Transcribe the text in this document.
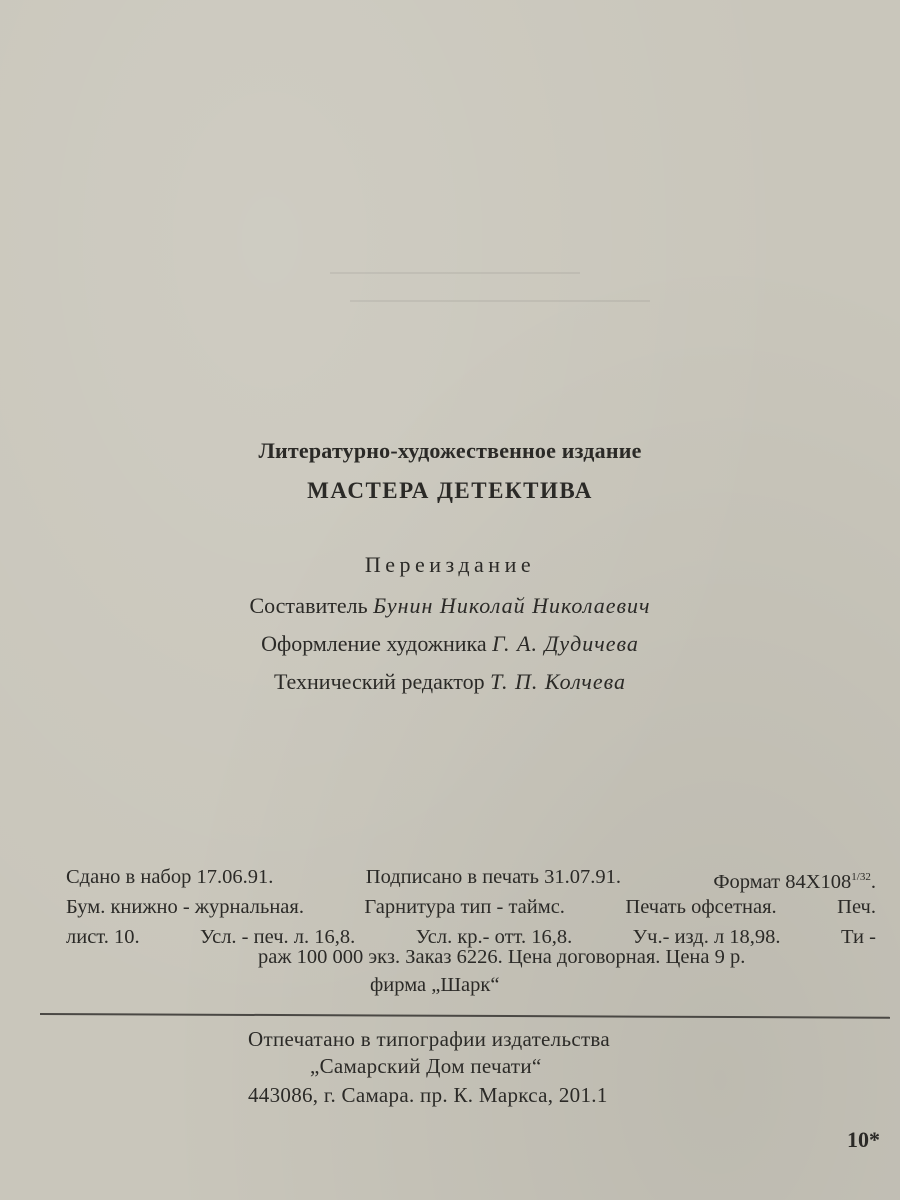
Литературно-художественное издание
МАСТЕРА ДЕТЕКТИВА
Переиздание
Составитель Бунин Николай Николаевич
Оформление художника Г. А. Дудичева
Технический редактор Т. П. Колчева
Сдано в набор 17.06.91.	Подписано в печать 31.07.91.	Формат $84Х108^{1/32}$.
Бум. книжно - журнальная.	Гарнитура тип - таймс.	Печать офсетная.	Печ.
лист. 10.	Усл. - печ. л. 16,8.	Усл. кр.- отт. 16,8.	Уч.- изд. л 18,98.	Ти -
раж 100 000 экз. Заказ 6226. Цена договорная. Цена 9 р.
фирма „Шарк“
Отпечатано в типографии издательства
„Самарский Дом печати“
443086, г. Самара. пр. К. Маркса, 201.1
10*
